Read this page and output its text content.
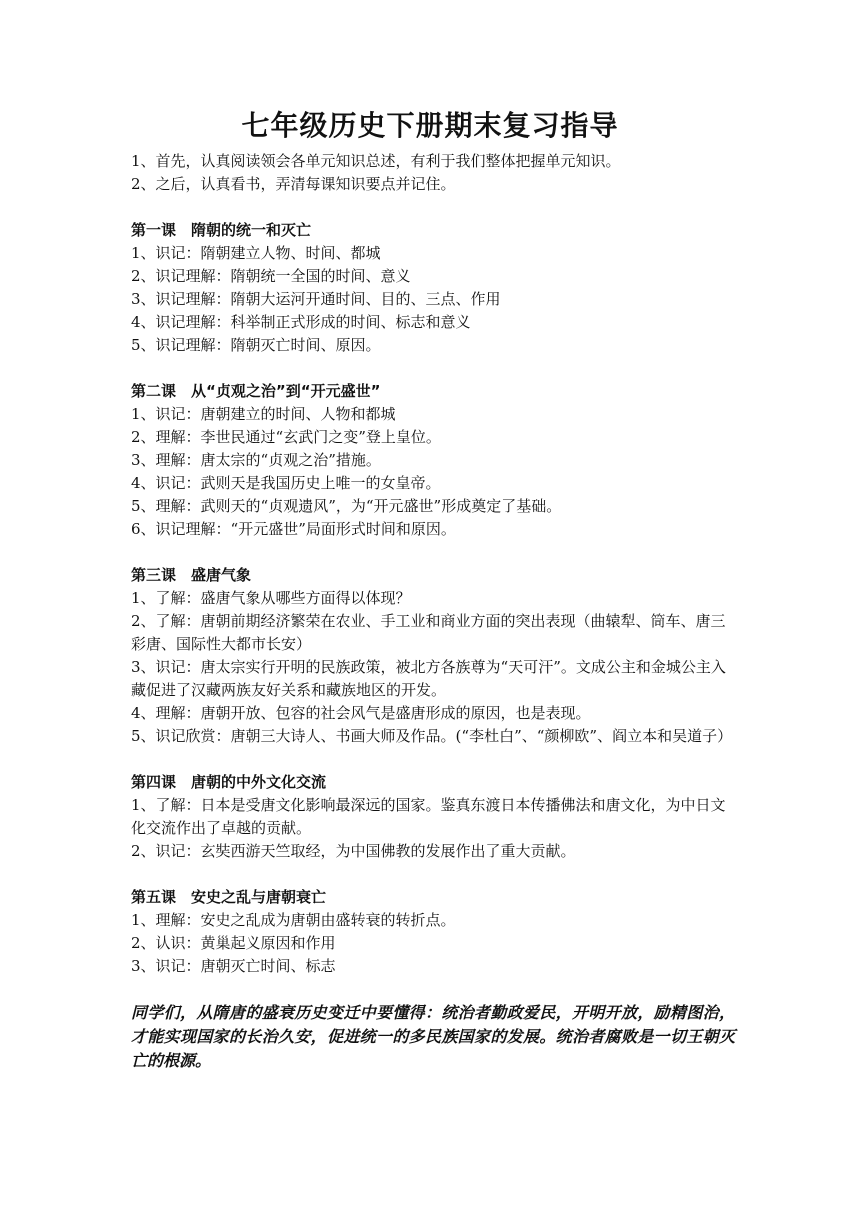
七年级历史下册期末复习指导
1、首先，认真阅读领会各单元知识总述，有利于我们整体把握单元知识。
2、之后，认真看书，弄清每课知识要点并记住。
第一课　隋朝的统一和灭亡
1、识记：隋朝建立人物、时间、都城
2、识记理解：隋朝统一全国的时间、意义
3、识记理解：隋朝大运河开通时间、目的、三点、作用
4、识记理解：科举制正式形成的时间、标志和意义
5、识记理解：隋朝灭亡时间、原因。
第二课　从“贞观之治”到“开元盛世”
1、识记：唐朝建立的时间、人物和都城
2、理解：李世民通过“玄武门之变”登上皇位。
3、理解：唐太宗的“贞观之治”措施。
4、识记：武则天是我国历史上唯一的女皇帝。
5、理解：武则天的“贞观遗风”，为“开元盛世”形成奠定了基础。
6、识记理解：“开元盛世”局面形式时间和原因。
第三课　盛唐气象
1、了解：盛唐气象从哪些方面得以体现？
2、了解：唐朝前期经济繁荣在农业、手工业和商业方面的突出表现（曲辕犁、筒车、唐三彩唐、国际性大都市长安）
3、识记：唐太宗实行开明的民族政策，被北方各族尊为“天可汗”。文成公主和金城公主入藏促进了汉藏两族友好关系和藏族地区的开发。
4、理解：唐朝开放、包容的社会风气是盛唐形成的原因，也是表现。
5、识记欣赏：唐朝三大诗人、书画大师及作品。(“李杜白”、“颜柳欧”、阎立本和吴道子）
第四课　唐朝的中外文化交流
1、了解：日本是受唐文化影响最深远的国家。鉴真东渡日本传播佛法和唐文化，为中日文化交流作出了卓越的贡献。
2、识记：玄奘西游天竺取经，为中国佛教的发展作出了重大贡献。
第五课　安史之乱与唐朝衰亡
1、理解：安史之乱成为唐朝由盛转衰的转折点。
2、认识：黄巢起义原因和作用
3、识记：唐朝灭亡时间、标志
同学们，从隋唐的盛衰历史变迁中要懂得：统治者勤政爱民，开明开放，励精图治，才能实现国家的长治久安，促进统一的多民族国家的发展。统治者腐败是一切王朝灭亡的根源。
